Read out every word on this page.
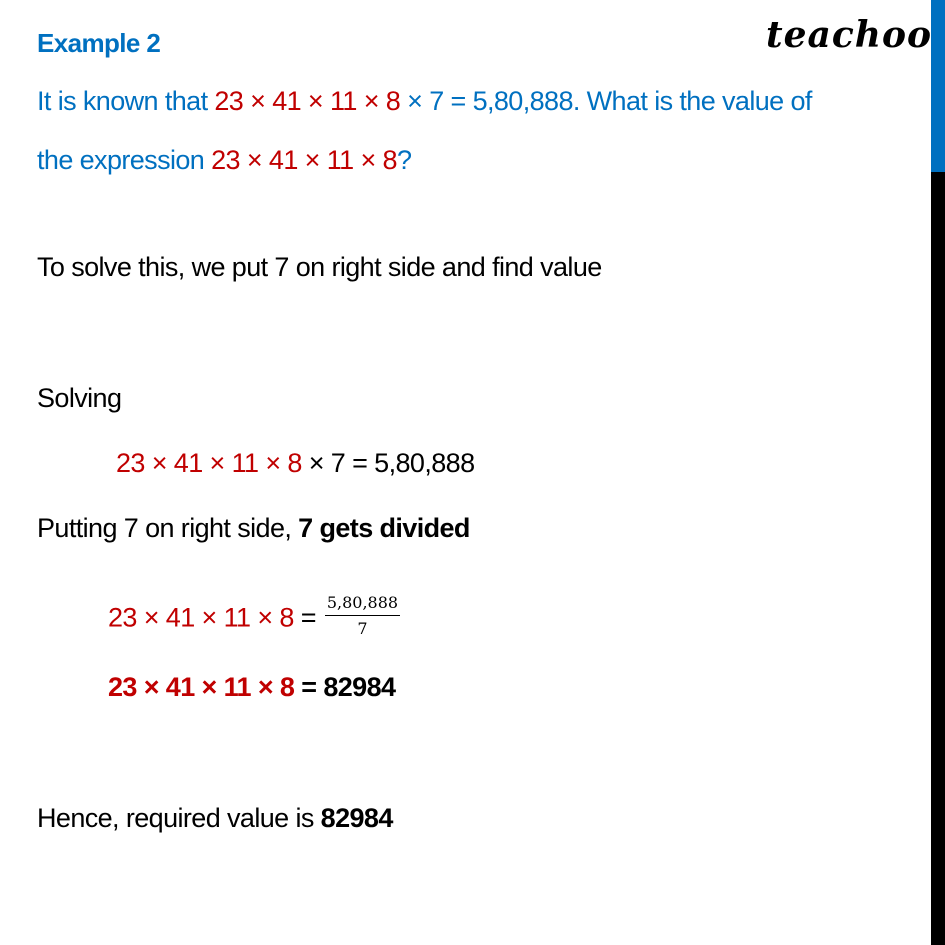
teachoo
Example 2
It is known that 23 × 41 × 11 × 8 × 7 = 5,80,888. What is the value of
the expression 23 × 41 × 11 × 8?
To solve this, we put 7 on right side and find value
Solving
23 × 41 × 11 × 8 × 7 = 5,80,888
Putting 7 on right side, 7 gets divided
$23 \times 41 \times 11 \times 8 = \frac{5,80,888}{7}$
23 × 41 × 11 × 8 = 82984
Hence, required value is 82984
